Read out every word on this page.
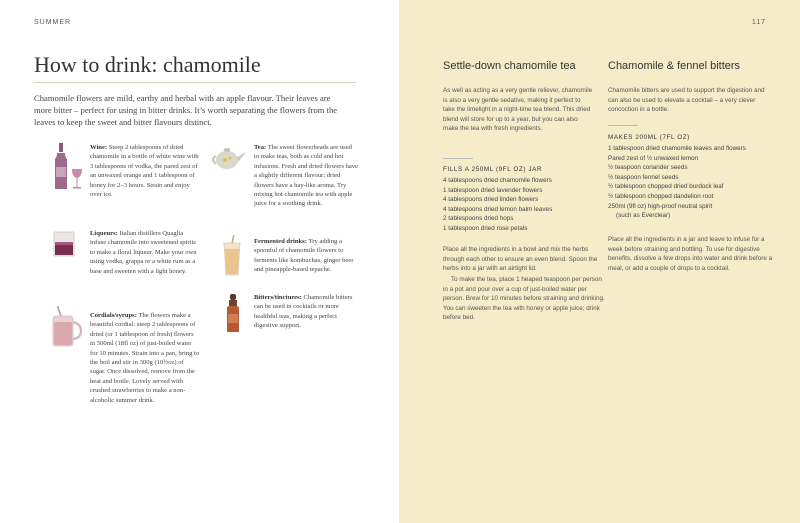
SUMMER
How to drink: chamomile
Chamomile flowers are mild, earthy and herbal with an apple flavour. Their leaves are more bitter – perfect for using in bitter drinks. It’s worth separating the flowers from the leaves to keep the sweet and bitter flavours distinct.
Wine: Steep 2 tablespoons of dried chamomile in a bottle of white wine with 3 tablespoons of vodka, the pared zest of an unwaxed orange and 1 tablespoon of honey for 2–3 hours. Strain and enjoy over ice.
Tea: The sweet flowerheads are used to make teas, both as cold and hot infusions. Fresh and dried flowers have a slightly different flavour; dried flowers have a hay-like aroma. Try mixing hot chamomile tea with apple juice for a soothing drink.
Liqueurs: Italian distillers Quaglia infuse chamomile into sweetened spirits to make a floral liqueur. Make your own using vodka, grappa or a white rum as a base and sweeten with a light honey.
Fermented drinks: Try adding a spoonful of chamomile flowers to ferments like kombuchas, ginger beer and pineapple-based tepache.
Cordials/syrups: The flowers make a beautiful cordial: steep 2 tablespoons of dried (or 1 tablespoon of fresh) flowers in 500ml (18fl oz) of just-boiled water for 10 minutes. Strain into a pan, bring to the boil and stir in 300g (10½oz) of sugar. Once dissolved, remove from the heat and bottle. Lovely served with crushed strawberries to make a non-alcoholic summer drink.
Bitters/tinctures: Chamomile bitters can be used in cocktails or more healthful teas, making a perfect digestive support.
117
Settle-down chamomile tea
As well as acting as a very gentle reliever, chamomile is also a very gentle sedative, making it perfect to take the limelight in a night-time tea blend. This dried blend will store for up to a year, but you can also make the tea with fresh ingredients.
FILLS A 250ML (9FL OZ) JAR
4 tablespoons dried chamomile flowers
1 tablespoon dried lavender flowers
4 tablespoons dried linden flowers
4 tablespoons dried lemon balm leaves
2 tablespoons dried hops
1 tablespoon dried rose petals
Place all the ingredients in a bowl and mix the herbs through each other to ensure an even blend. Spoon the herbs into a jar with an airtight lid.
To make the tea, place 1 heaped teaspoon per person in a pot and pour over a cup of just-boiled water per person. Brew for 10 minutes before straining and drinking. You can sweeten the tea with honey or apple juice; drink before bed.
Chamomile & fennel bitters
Chamomile bitters are used to support the digestion and can also be used to elevate a cocktail – a very clever concoction in a bottle.
MAKES 200ML (7FL OZ)
1 tablespoon dried chamomile leaves and flowers
Pared zest of ½ unwaxed lemon
½ teaspoon coriander seeds
½ teaspoon fennel seeds
½ tablespoon chopped dried burdock leaf
½ tablespoon chopped dandelion root
250ml (9fl oz) high-proof neutral spirit
(such as Everclear)
Place all the ingredients in a jar and leave to infuse for a week before straining and bottling. To use for digestive benefits, dissolve a few drops into water and drink before a meal, or add a couple of drops to a cocktail.
